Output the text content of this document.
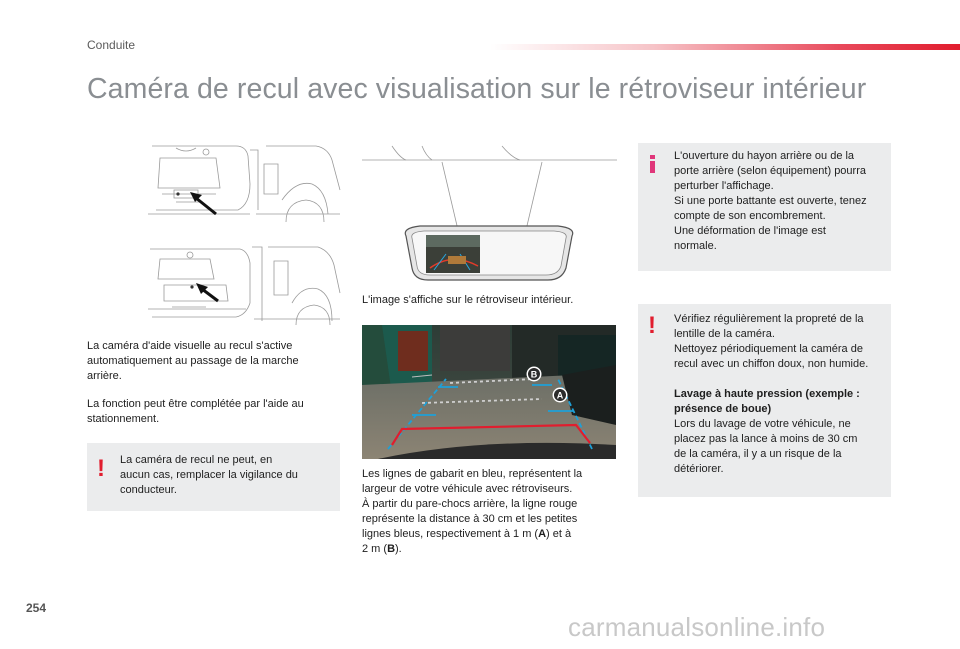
Conduite
Caméra de recul avec visualisation sur le rétroviseur intérieur
La caméra d'aide visuelle au recul s'active
automatiquement au passage de la marche
arrière.
La fonction peut être complétée par l'aide au
stationnement.
! La caméra de recul ne peut, en
aucun cas, remplacer la vigilance du
conducteur.
L'image s'affiche sur le rétroviseur intérieur.
B
A
Les lignes de gabarit en bleu, représentent la
largeur de votre véhicule avec rétroviseurs.
À partir du pare-chocs arrière, la ligne rouge
représente la distance à 30 cm et les petites
lignes bleus, respectivement à 1 m (A) et à
2 m (B).
L'ouverture du hayon arrière ou de la
porte arrière (selon équipement) pourra
perturber l'affichage.
Si une porte battante est ouverte, tenez
compte de son encombrement.
Une déformation de l'image est
normale.
! Vérifiez régulièrement la propreté de la
lentille de la caméra.
Nettoyez périodiquement la caméra de
recul avec un chiffon doux, non humide.
Lavage à haute pression (exemple :
présence de boue)
Lors du lavage de votre véhicule, ne
placez pas la lance à moins de 30 cm
de la caméra, il y a un risque de la
détériorer.
254
carmanualsonline.info
